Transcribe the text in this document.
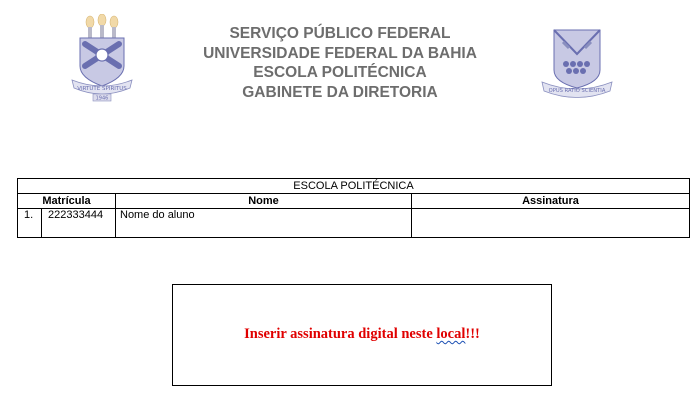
VIRTUTE SPIRITUS
1946
SERVIÇO PÚBLICO FEDERAL
UNIVERSIDADE FEDERAL DA BAHIA
ESCOLA POLITÉCNICA
GABINETE DA DIRETORIA	OPUS RATIO SCIENTIA
ESCOLA POLITÉCNICA			
Matrícula		Nome	Assinatura
1.	222333444	Nome do aluno	
Inserir assinatura digital neste local!!!
